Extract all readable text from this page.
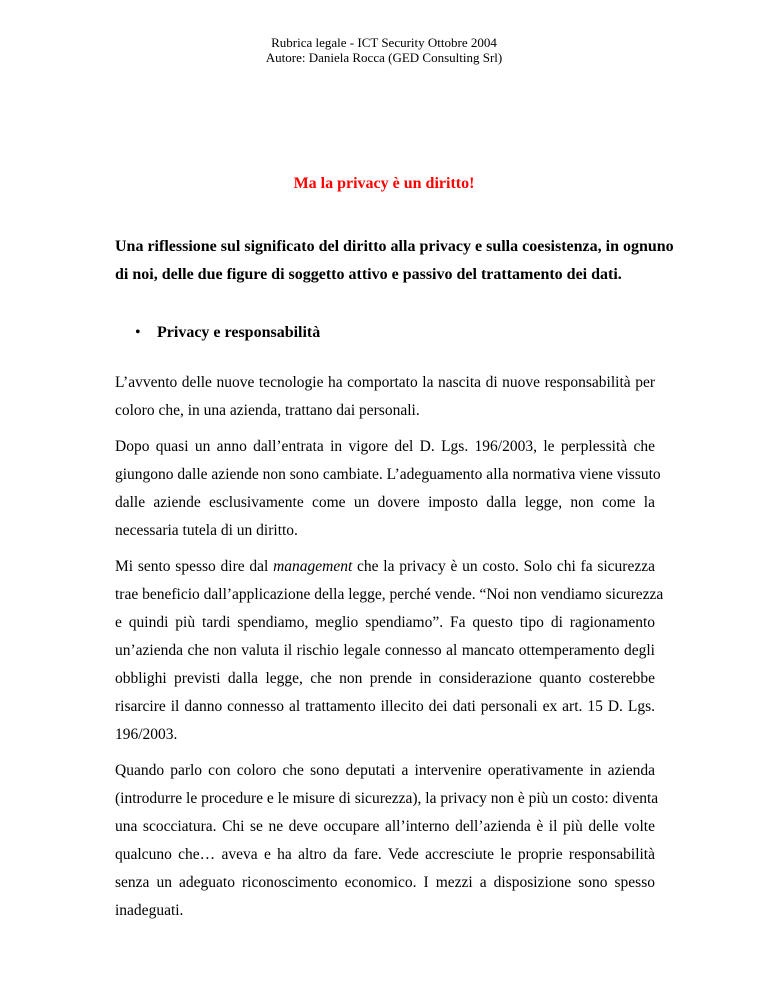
Rubrica legale - ICT Security Ottobre 2004
Autore: Daniela Rocca (GED Consulting Srl)
Ma la privacy è un diritto!
Una riflessione sul significato del diritto alla privacy e sulla coesistenza, in ognuno
di noi, delle due figure di soggetto attivo e passivo del trattamento dei dati.
• Privacy e responsabilità
L’avvento delle nuove tecnologie ha comportato la nascita di nuove responsabilità per
coloro che, in una azienda, trattano dai personali.
Dopo quasi un anno dall’entrata in vigore del D. Lgs. 196/2003, le perplessità che
giungono dalle aziende non sono cambiate. L’adeguamento alla normativa viene vissuto
dalle aziende esclusivamente come un dovere imposto dalla legge, non come la
necessaria tutela di un diritto.
Mi sento spesso dire dal management che la privacy è un costo. Solo chi fa sicurezza
trae beneficio dall’applicazione della legge, perché vende. “Noi non vendiamo sicurezza
e quindi più tardi spendiamo, meglio spendiamo”. Fa questo tipo di ragionamento
un’azienda che non valuta il rischio legale connesso al mancato ottemperamento degli
obblighi previsti dalla legge, che non prende in considerazione quanto costerebbe
risarcire il danno connesso al trattamento illecito dei dati personali ex art. 15 D. Lgs.
196/2003.
Quando parlo con coloro che sono deputati a intervenire operativamente in azienda
(introdurre le procedure e le misure di sicurezza), la privacy non è più un costo: diventa
una scocciatura. Chi se ne deve occupare all’interno dell’azienda è il più delle volte
qualcuno che… aveva e ha altro da fare. Vede accresciute le proprie responsabilità
senza un adeguato riconoscimento economico. I mezzi a disposizione sono spesso
inadeguati.
